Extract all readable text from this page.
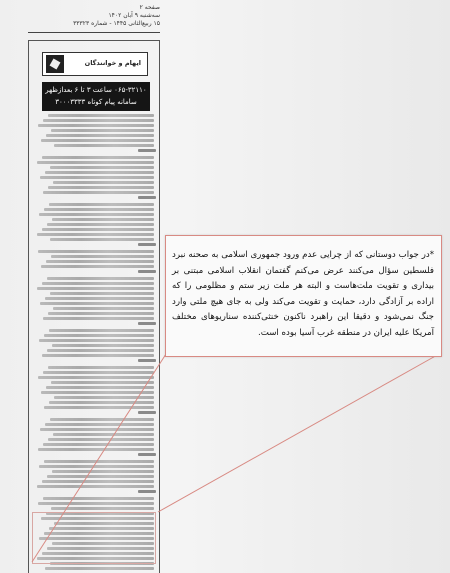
صفحه ۲
سه‌شنبه ۹ آبان ۱۴۰۲
۱۵ ربیع‌الثانی ۱۴۴۵ - شماره ۳۳۳۲۳
ایهام و خوانندگان
۰۶۵-۳۲۱۱۰ ساعت ۳ تا ۶ بعدازظهر
سامانه پیام کوتاه ۳۰۰۰۳۳۳۳

*در جواب دوستانی که از چرایی عدم ورود جمهوری اسلامی به صحنه نبرد فلسطین سؤال می‌کنند عرض می‌کنم گفتمان انقلاب اسلامی مبتنی بر بیداری و تقویت ملت‌هاست و البته هر ملت زیر ستم و مظلومی را که اراده بر آزادگی دارد، حمایت و تقویت می‌کند ولی به جای هیچ ملتی وارد جنگ نمی‌شود و دقیقا این راهبرد ناکنون خنثی‌کننده سناریوهای مختلف آمریکا علیه ایران در منطقه غرب آسیا بوده است.
